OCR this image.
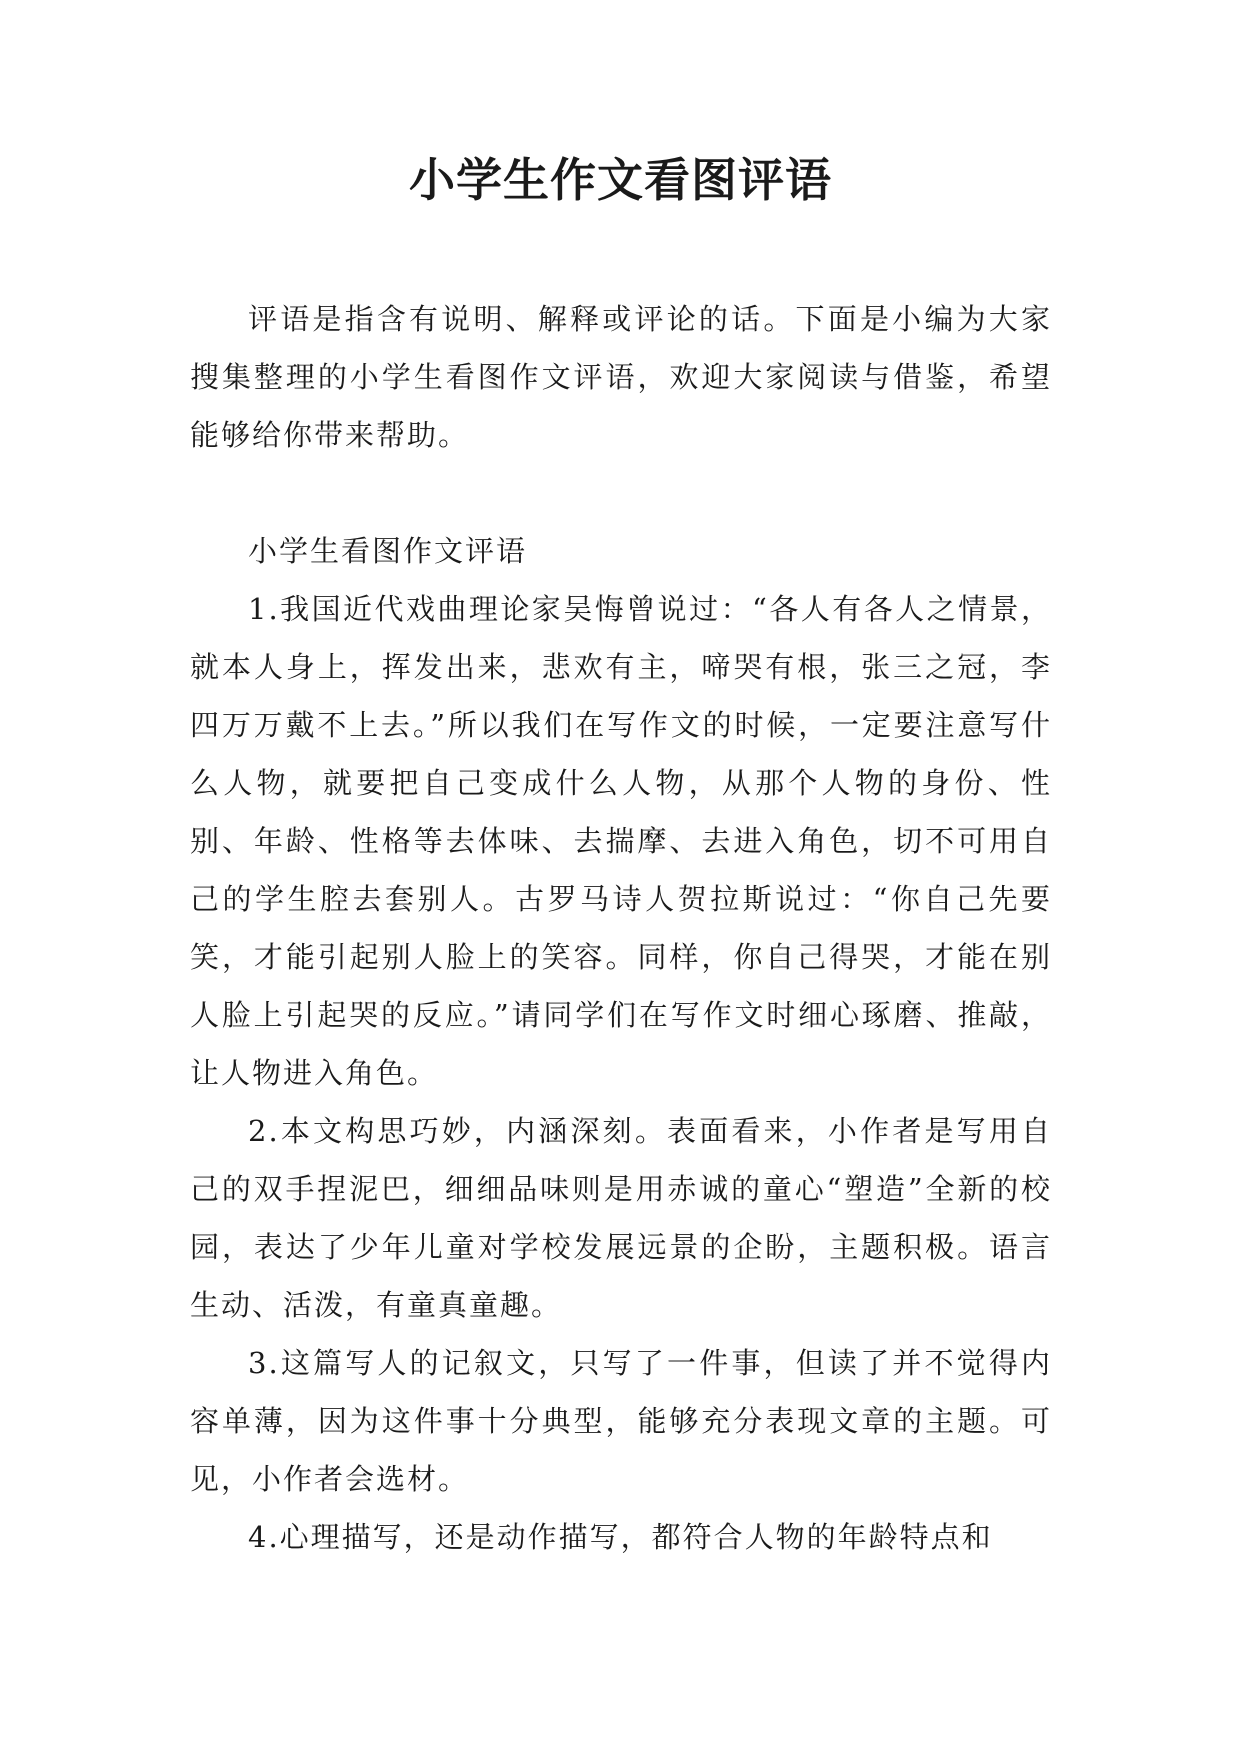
小学生作文看图评语

评语是指含有说明、解释或评论的话。下面是小编为大家搜集整理的小学生看图作文评语，欢迎大家阅读与借鉴，希望能够给你带来帮助。

小学生看图作文评语

1.我国近代戏曲理论家吴悔曾说过：“各人有各人之情景，就本人身上，挥发出来，悲欢有主，啼哭有根，张三之冠，李四万万戴不上去。”所以我们在写作文的时候，一定要注意写什么人物，就要把自己变成什么人物，从那个人物的身份、性别、年龄、性格等去体味、去揣摩、去进入角色，切不可用自己的学生腔去套别人。古罗马诗人贺拉斯说过：“你自己先要笑，才能引起别人脸上的笑容。同样，你自己得哭，才能在别人脸上引起哭的反应。”请同学们在写作文时细心琢磨、推敲，让人物进入角色。

2.本文构思巧妙，内涵深刻。表面看来，小作者是写用自己的双手捏泥巴，细细品味则是用赤诚的童心“塑造”全新的校园，表达了少年儿童对学校发展远景的企盼，主题积极。语言生动、活泼，有童真童趣。

3.这篇写人的记叙文，只写了一件事，但读了并不觉得内容单薄，因为这件事十分典型，能够充分表现文章的主题。可见，小作者会选材。

4.心理描写，还是动作描写，都符合人物的年龄特点和
